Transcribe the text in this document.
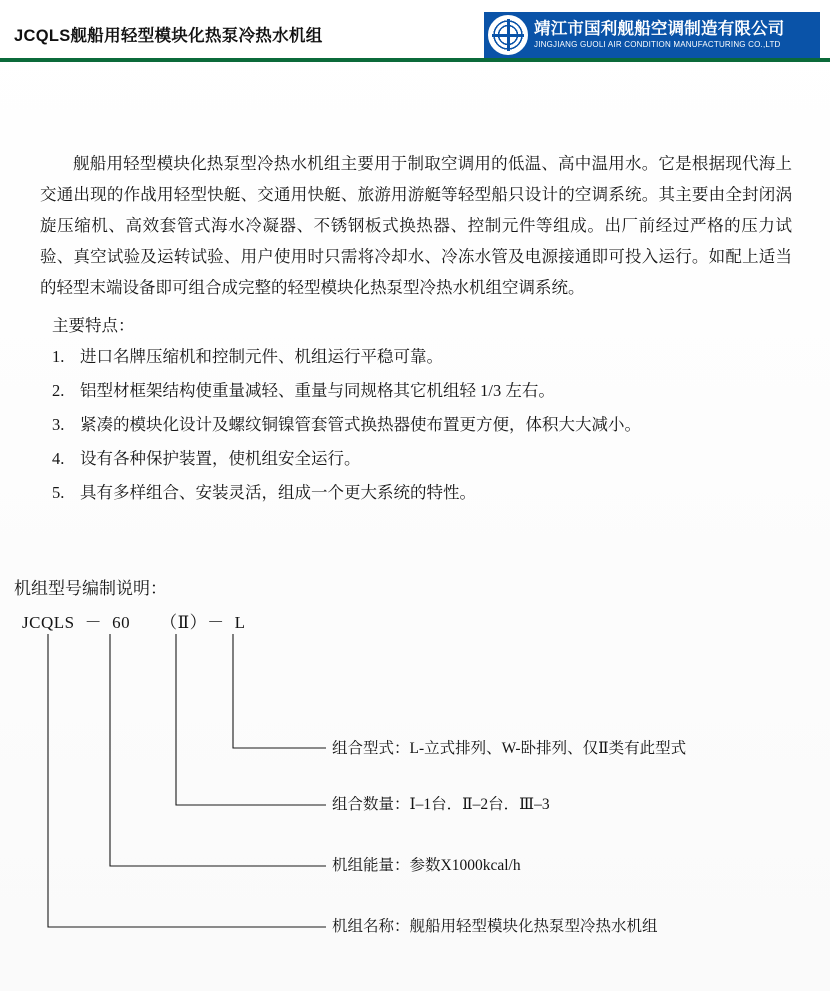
JCQLS舰船用轻型模块化热泵冷热水机组	靖江市国利舰船空调制造有限公司
JINGJIANG GUOLI AIR CONDITION MANUFACTURING CO.,LTD
舰船用轻型模块化热泵型冷热水机组主要用于制取空调用的低温、高中温用水。它是根据现代海上交通出现的作战用轻型快艇、交通用快艇、旅游用游艇等轻型船只设计的空调系统。其主要由全封闭涡旋压缩机、高效套管式海水冷凝器、不锈钢板式换热器、控制元件等组成。出厂前经过严格的压力试验、真空试验及运转试验、用户使用时只需将冷却水、冷冻水管及电源接通即可投入运行。如配上适当的轻型末端设备即可组合成完整的轻型模块化热泵型冷热水机组空调系统。
主要特点：
1. 进口名牌压缩机和控制元件、机组运行平稳可靠。
2. 铝型材框架结构使重量减轻、重量与同规格其它机组轻 1/3 左右。
3. 紧凑的模块化设计及螺纹铜镍管套管式换热器使布置更方便，体积大大减小。
4. 设有各种保护装置，使机组安全运行。
5. 具有多样组合、安装灵活，组成一个更大系统的特性。
机组型号编制说明：
JCQLS － 60 （Ⅱ）－ L
组合型式：L-立式排列、W-卧排列、仅Ⅱ类有此型式
组合数量：Ⅰ–1台．Ⅱ–2台．Ⅲ–3
机组能量：参数X1000kcal/h
机组名称：舰船用轻型模块化热泵型冷热水机组
